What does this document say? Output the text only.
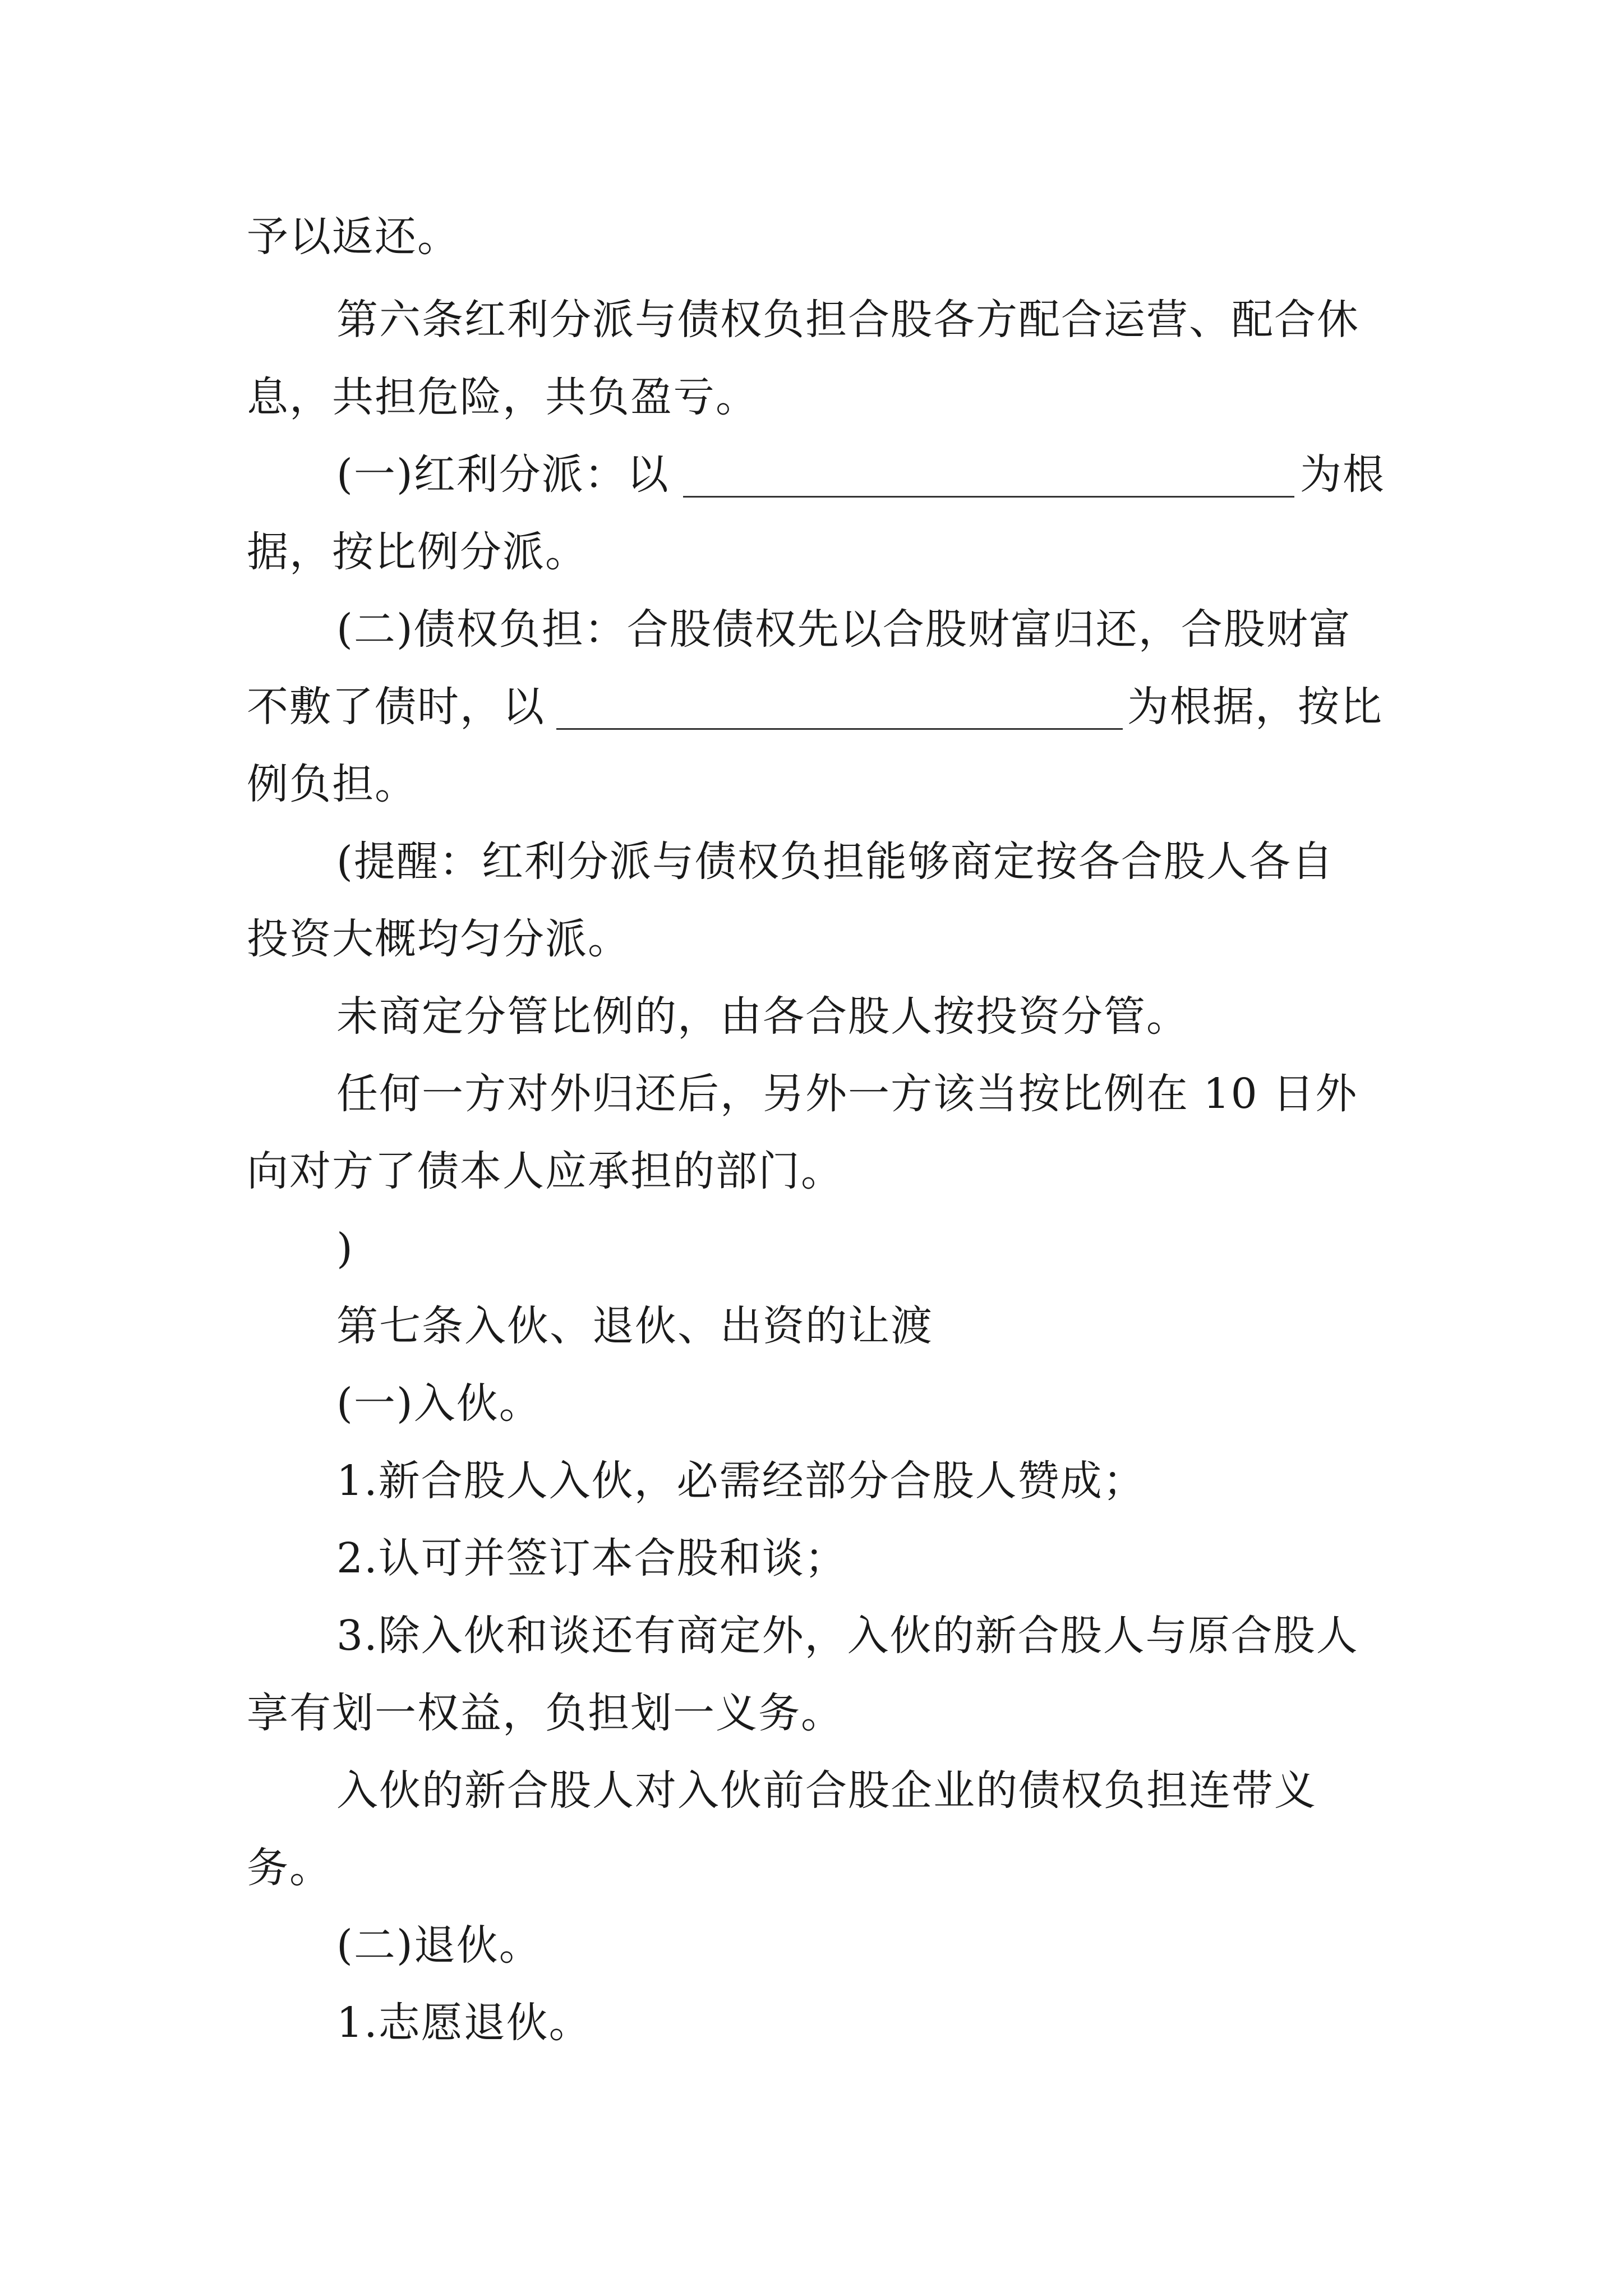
予以返还。
第六条红利分派与债权负担合股各方配合运营、配合休
息，共担危险，共负盈亏。
(一)红利分派：以	为根
据，按比例分派。
(二)债权负担：合股债权先以合股财富归还，合股财富
不敷了债时，以	为根据，按比
例负担。
(提醒：红利分派与债权负担能够商定按各合股人各自
投资大概均匀分派。
未商定分管比例的，由各合股人按投资分管。
任何一方对外归还后，另外一方该当按比例在 10 日外
向对方了债本人应承担的部门。
)
第七条入伙、退伙、出资的让渡
(一)入伙。
1.新合股人入伙，必需经部分合股人赞成；
2.认可并签订本合股和谈；
3.除入伙和谈还有商定外，入伙的新合股人与原合股人
享有划一权益，负担划一义务。
入伙的新合股人对入伙前合股企业的债权负担连带义
务。
(二)退伙。
1.志愿退伙。
